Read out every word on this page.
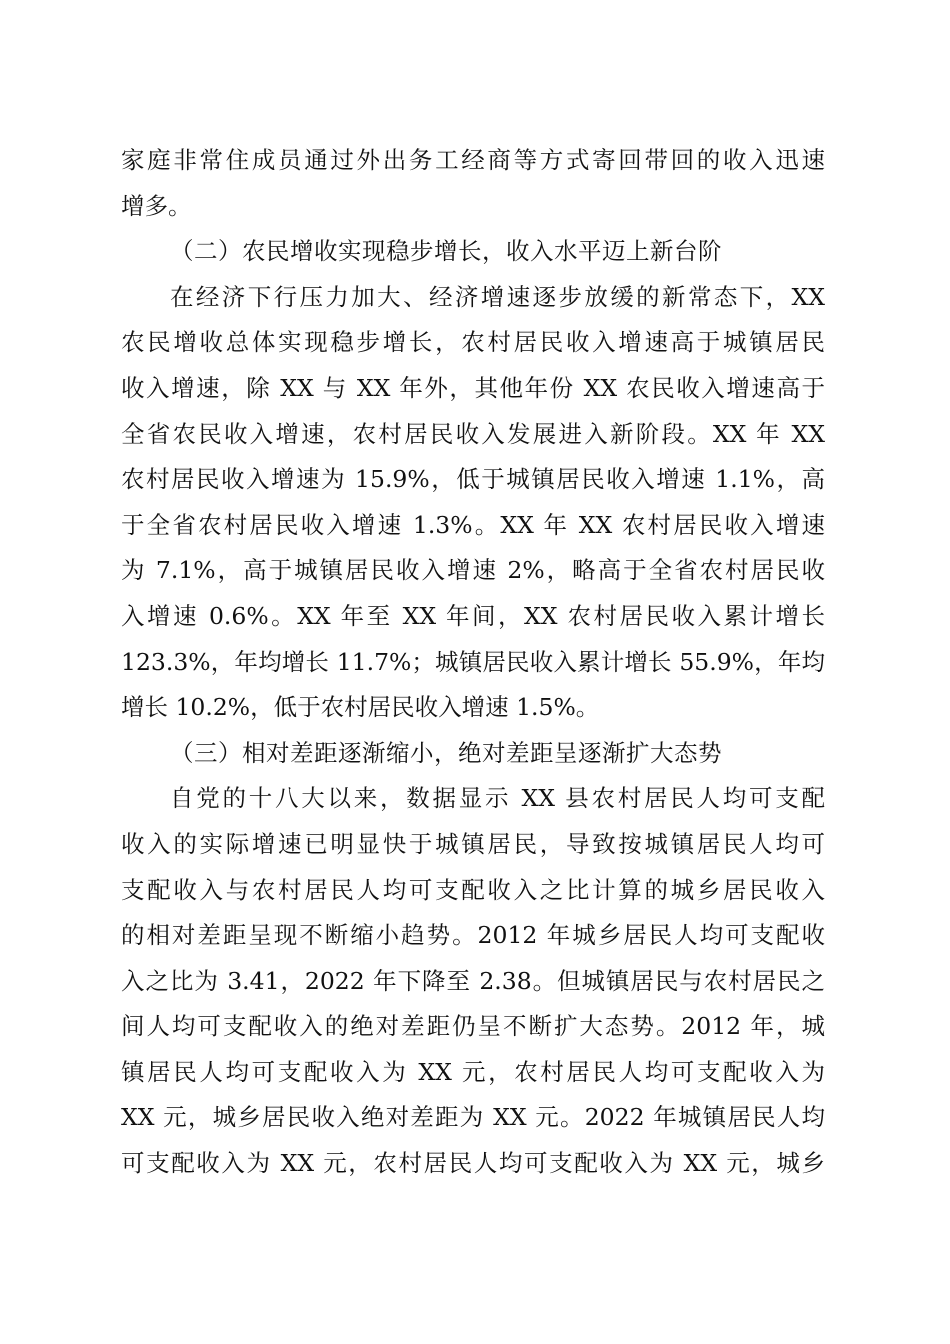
家庭非常住成员通过外出务工经商等方式寄回带回的收入迅速
增多。
（二）农民增收实现稳步增长，收入水平迈上新台阶
在经济下行压力加大、经济增速逐步放缓的新常态下，XX
农民增收总体实现稳步增长，农村居民收入增速高于城镇居民
收入增速，除 XX 与 XX 年外，其他年份 XX 农民收入增速高于
全省农民收入增速，农村居民收入发展进入新阶段。XX 年 XX
农村居民收入增速为 15.9%，低于城镇居民收入增速 1.1%，高
于全省农村居民收入增速 1.3%。XX 年 XX 农村居民收入增速
为 7.1%，高于城镇居民收入增速 2%，略高于全省农村居民收
入增速 0.6%。XX 年至 XX 年间，XX 农村居民收入累计增长
123.3%，年均增长 11.7%；城镇居民收入累计增长 55.9%，年均
增长 10.2%，低于农村居民收入增速 1.5%。
（三）相对差距逐渐缩小，绝对差距呈逐渐扩大态势
自党的十八大以来，数据显示 XX 县农村居民人均可支配
收入的实际增速已明显快于城镇居民，导致按城镇居民人均可
支配收入与农村居民人均可支配收入之比计算的城乡居民收入
的相对差距呈现不断缩小趋势。2012 年城乡居民人均可支配收
入之比为 3.41，2022 年下降至 2.38。但城镇居民与农村居民之
间人均可支配收入的绝对差距仍呈不断扩大态势。2012 年，城
镇居民人均可支配收入为 XX 元，农村居民人均可支配收入为
XX 元，城乡居民收入绝对差距为 XX 元。2022 年城镇居民人均
可支配收入为 XX 元，农村居民人均可支配收入为 XX 元，城乡
